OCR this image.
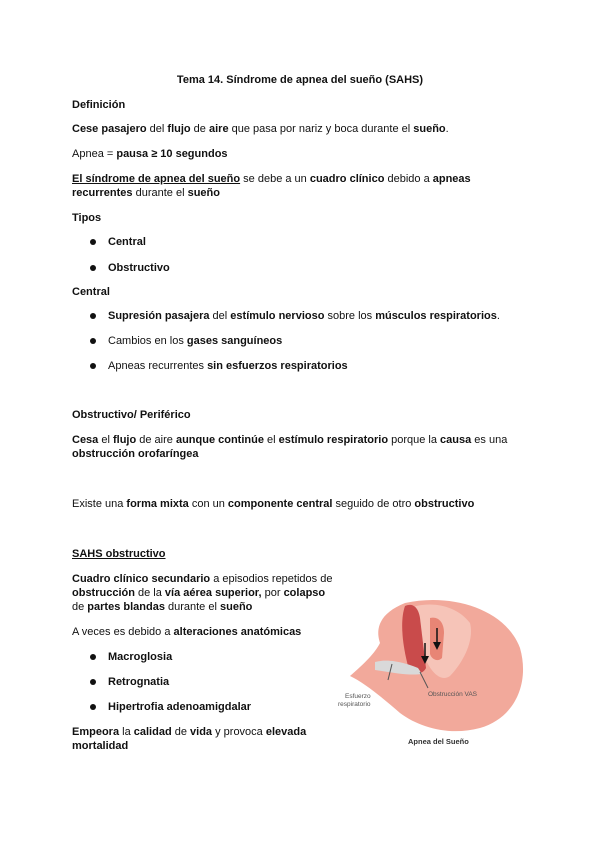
Tema 14. Síndrome de apnea del sueño (SAHS)
Definición
Cese pasajero del flujo de aire que pasa por nariz y boca durante el sueño.
Apnea = pausa ≥ 10 segundos
El síndrome de apnea del sueño se debe a un cuadro clínico debido a apneas
recurrentes durante el sueño
Tipos
Central
Obstructivo
Central
Supresión pasajera del estímulo nervioso sobre los músculos respiratorios.
Cambios en los gases sanguíneos
Apneas recurrentes sin esfuerzos respiratorios
Obstructivo/ Periférico
Cesa el flujo de aire aunque continúe el estímulo respiratorio porque la causa es una
obstrucción orofaríngea
Existe una forma mixta con un componente central seguido de otro obstructivo
SAHS obstructivo
Cuadro clínico secundario a episodios repetidos de
obstrucción de la vía aérea superior, por colapso
de partes blandas durante el sueño
A veces es debido a alteraciones anatómicas
Macroglosia
Retrognatia
Hipertrofia adenoamigdalar
Empeora la calidad de vida y provoca elevada
mortalidad
Esfuerzo respiratorio
Obstrucción VAS
Apnea del Sueño
